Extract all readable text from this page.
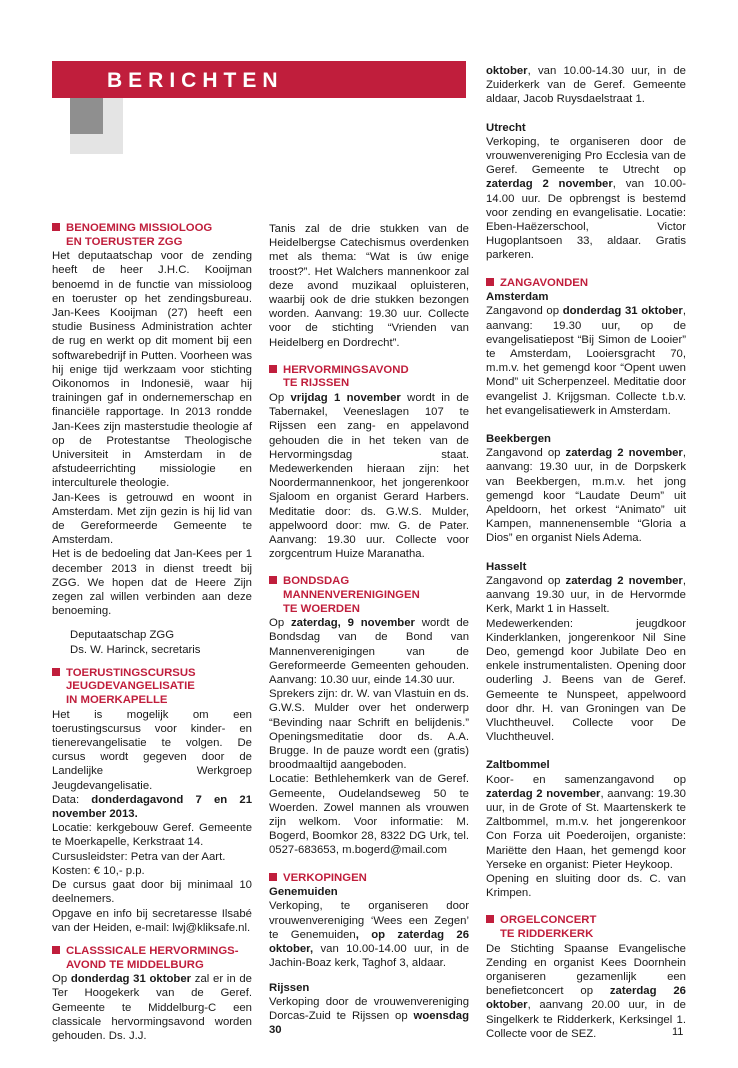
BERICHTEN
BENOEMING MISSIOLOOG
EN TOERUSTER ZGG

Het deputaatschap voor de zending heeft de heer J.H.C. Kooijman benoemd in de functie van missioloog en toeruster op het zendingsbureau. Jan-Kees Kooijman (27) heeft een studie Business Administration achter de rug en werkt op dit moment bij een softwarebedrijf in Putten. Voorheen was hij enige tijd werkzaam voor stichting Oikonomos in Indonesië, waar hij trainingen gaf in ondernemerschap en financiële rapportage. In 2013 rondde Jan-Kees zijn masterstudie theologie af op de Protestantse Theologische Universiteit in Amsterdam in de afstudeerrichting missiologie en interculturele theologie.

Jan-Kees is getrouwd en woont in Amsterdam. Met zijn gezin is hij lid van de Gereformeerde Gemeente te Amsterdam.

Het is de bedoeling dat Jan-Kees per 1 december 2013 in dienst treedt bij ZGG. We hopen dat de Heere Zijn zegen zal willen verbinden aan deze benoeming.

Deputaatschap ZGG

Ds. W. Harinck, secretaris

TOERUSTINGSCURSUS
JEUGDEVANGELISATIE
IN MOERKAPELLE

Het is mogelijk om een toerustingscursus voor kinder- en tienerevangelisatie te volgen. De cursus wordt gegeven door de Landelijke Werkgroep Jeugdevangelisatie.

Data: donderdagavond 7 en 21 november 2013.

Locatie: kerkgebouw Geref. Gemeente te Moerkapelle, Kerkstraat 14.

Cursusleidster: Petra van der Aart.

Kosten: € 10,- p.p.

De cursus gaat door bij minimaal 10 deelnemers.

Opgave en info bij secretaresse Ilsabé van der Heiden, e-mail: lwj@kliksafe.nl.

CLASSSICALE HERVORMINGS-
AVOND TE MIDDELBURG

Op donderdag 31 oktober zal er in de Ter Hoogekerk van de Geref. Gemeente te Middelburg-C een classicale hervormingsavond worden gehouden. Ds. J.J.

Tanis zal de drie stukken van de Heidelbergse Catechismus overdenken met als thema: “Wat is úw enige troost?”. Het Walchers mannenkoor zal deze avond muzikaal opluisteren, waarbij ook de drie stukken bezongen worden. Aanvang: 19.30 uur. Collecte voor de stichting “Vrienden van Heidelberg en Dordrecht”.

HERVORMINGSAVOND
TE RIJSSEN

Op vrijdag 1 november wordt in de Tabernakel, Veeneslagen 107 te Rijssen een zang- en appelavond gehouden die in het teken van de Hervormingsdag staat. Medewerkenden hieraan zijn: het Noordermannenkoor, het jongerenkoor Sjaloom en organist Gerard Harbers. Meditatie door: ds. G.W.S. Mulder, appelwoord door: mw. G. de Pater. Aanvang: 19.30 uur. Collecte voor zorgcentrum Huize Maranatha.

BONDSDAG
MANNENVERENIGINGEN
TE WOERDEN

Op zaterdag, 9 november wordt de Bondsdag van de Bond van Mannenverenigingen van de Gereformeerde Gemeenten gehouden. Aanvang: 10.30 uur, einde 14.30 uur.

Sprekers zijn: dr. W. van Vlastuin en ds. G.W.S. Mulder over het onderwerp “Bevinding naar Schrift en belijdenis.” Openingsmeditatie door ds. A.A. Brugge. In de pauze wordt een (gratis) broodmaaltijd aangeboden.

Locatie: Bethlehemkerk van de Geref. Gemeente, Oudelandseweg 50 te Woerden. Zowel mannen als vrouwen zijn welkom. Voor informatie: M. Bogerd, Boomkor 28, 8322 DG Urk, tel. 0527-683653, m.bogerd@mail.com

VERKOPINGEN
Genemuiden

Verkoping, te organiseren door vrouwenvereniging ‘Wees een Zegen’ te Genemuiden, op zaterdag 26 oktober, van 10.00-14.00 uur, in de Jachin-Boaz kerk, Taghof 3, aldaar.

Rijssen

Verkoping door de vrouwenvereniging Dorcas-Zuid te Rijssen op woensdag 30

oktober, van 10.00-14.30 uur, in de Zuiderkerk van de Geref. Gemeente aldaar, Jacob Ruysdaelstraat 1.

Utrecht

Verkoping, te organiseren door de vrouwenvereniging Pro Ecclesia van de Geref. Gemeente te Utrecht op zaterdag 2 november, van 10.00-14.00 uur. De opbrengst is bestemd voor zending en evangelisatie. Locatie: Eben-Haëzerschool, Victor Hugoplantsoen 33, aldaar. Gratis parkeren.

ZANGAVONDEN
Amsterdam

Zangavond op donderdag 31 oktober, aanvang: 19.30 uur, op de evangelisatiepost “Bij Simon de Looier” te Amsterdam, Looiersgracht 70, m.m.v. het gemengd koor “Opent uwen Mond” uit Scherpenzeel. Meditatie door evangelist J. Krijgsman. Collecte t.b.v. het evangelisatiewerk in Amsterdam.

Beekbergen

Zangavond op zaterdag 2 november, aanvang: 19.30 uur, in de Dorpskerk van Beekbergen, m.m.v. het jong gemengd koor “Laudate Deum” uit Apeldoorn, het orkest “Animato” uit Kampen, mannenensemble “Gloria a Dios” en organist Niels Adema.

Hasselt

Zangavond op zaterdag 2 november, aanvang 19.30 uur, in de Hervormde Kerk, Markt 1 in Hasselt.

Medewerkenden: jeugdkoor Kinderklanken, jongerenkoor Nil Sine Deo, gemengd koor Jubilate Deo en enkele instrumentalisten. Opening door ouderling J. Beens van de Geref. Gemeente te Nunspeet, appelwoord door dhr. H. van Groningen van De Vluchtheuvel. Collecte voor De Vluchtheuvel.

Zaltbommel

Koor- en samenzangavond op zaterdag 2 november, aanvang: 19.30 uur, in de Grote of St. Maartenskerk te Zaltbommel, m.m.v. het jongerenkoor Con Forza uit Poederoijen, organiste: Mariëtte den Haan, het gemengd koor Yerseke en organist: Pieter Heykoop.

Opening en sluiting door ds. C. van Krimpen.

ORGELCONCERT
TE RIDDERKERK

De Stichting Spaanse Evangelische Zending en organist Kees Doornhein organiseren gezamenlijk een benefietconcert op zaterdag 26 oktober, aanvang 20.00 uur, in de Singelkerk te Ridderkerk, Kerksingel 1. Collecte voor de SEZ.	11
